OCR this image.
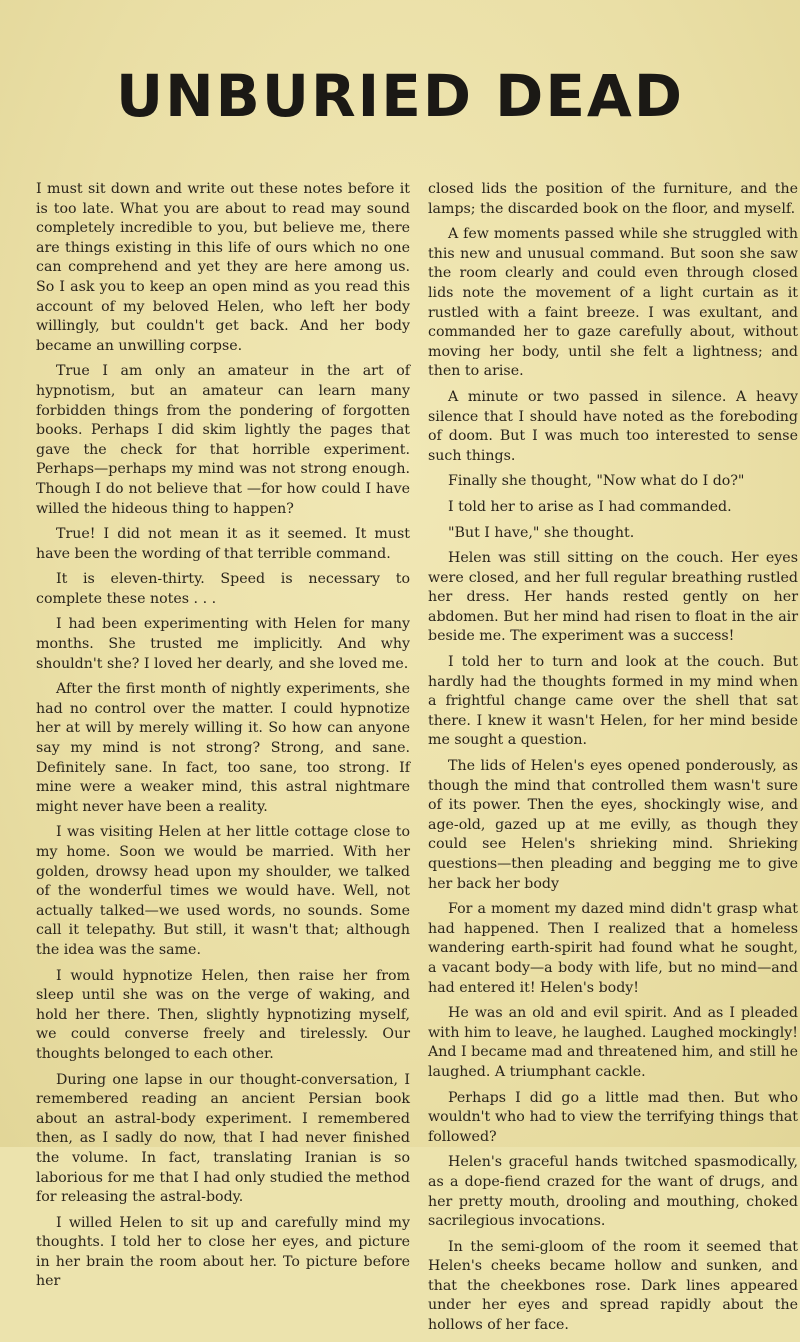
UNBURIED DEAD

I must sit down and write out these notes before it is too late. What you are about to read may sound completely incredible to you, but believe me, there are things existing in this life of ours which no one can comprehend and yet they are here among us. So I ask you to keep an open mind as you read this account of my beloved Helen, who left her body willingly, but couldn't get back. And her body became an unwilling corpse.

True I am only an amateur in the art of hypnotism, but an amateur can learn many forbidden things from the pondering of forgotten books. Perhaps I did skim lightly the pages that gave the check for that horrible experiment. Perhaps—perhaps my mind was not strong enough. Though I do not believe that —for how could I have willed the hideous thing to happen?

True! I did not mean it as it seemed. It must have been the wording of that terrible command.

It is eleven-thirty. Speed is necessary to complete these notes . . .

I had been experimenting with Helen for many months. She trusted me implicitly. And why shouldn't she? I loved her dearly, and she loved me.

After the first month of nightly experiments, she had no control over the matter. I could hypnotize her at will by merely willing it. So how can anyone say my mind is not strong? Strong, and sane. Definitely sane. In fact, too sane, too strong. If mine were a weaker mind, this astral nightmare might never have been a reality.

I was visiting Helen at her little cottage close to my home. Soon we would be married. With her golden, drowsy head upon my shoulder, we talked of the wonderful times we would have. Well, not actually talked—we used words, no sounds. Some call it telepathy. But still, it wasn't that; although the idea was the same.

I would hypnotize Helen, then raise her from sleep until she was on the verge of waking, and hold her there. Then, slightly hypnotizing myself, we could converse freely and tirelessly. Our thoughts belonged to each other.

During one lapse in our thought-conversation, I remembered reading an ancient Persian book about an astral-body experiment. I remembered then, as I sadly do now, that I had never finished the volume. In fact, translating Iranian is so laborious for me that I had only studied the method for releasing the astral-body.

I willed Helen to sit up and carefully mind my thoughts. I told her to close her eyes, and picture in her brain the room about her. To picture before her

closed lids the position of the furniture, and the lamps; the discarded book on the floor, and myself.

A few moments passed while she struggled with this new and unusual command. But soon she saw the room clearly and could even through closed lids note the movement of a light curtain as it rustled with a faint breeze. I was exultant, and commanded her to gaze carefully about, without moving her body, until she felt a lightness; and then to arise.

A minute or two passed in silence. A heavy silence that I should have noted as the foreboding of doom. But I was much too interested to sense such things.

Finally she thought, "Now what do I do?"

I told her to arise as I had commanded.

"But I have," she thought.

Helen was still sitting on the couch. Her eyes were closed, and her full regular breathing rustled her dress. Her hands rested gently on her abdomen. But her mind had risen to float in the air beside me. The experiment was a success!

I told her to turn and look at the couch. But hardly had the thoughts formed in my mind when a frightful change came over the shell that sat there. I knew it wasn't Helen, for her mind beside me sought a question.

The lids of Helen's eyes opened ponderously, as though the mind that controlled them wasn't sure of its power. Then the eyes, shockingly wise, and age-old, gazed up at me evilly, as though they could see Helen's shrieking mind. Shrieking questions—then pleading and begging me to give her back her body

For a moment my dazed mind didn't grasp what had happened. Then I realized that a homeless wandering earth-spirit had found what he sought, a vacant body—a body with life, but no mind—and had entered it! Helen's body!

He was an old and evil spirit. And as I pleaded with him to leave, he laughed. Laughed mockingly! And I became mad and threatened him, and still he laughed. A triumphant cackle.

Perhaps I did go a little mad then. But who wouldn't who had to view the terrifying things that followed?

Helen's graceful hands twitched spasmodically, as a dope-fiend crazed for the want of drugs, and her pretty mouth, drooling and mouthing, choked sacrilegious invocations.

In the semi-gloom of the room it seemed that Helen's cheeks became hollow and sunken, and that the cheekbones rose. Dark lines appeared under her eyes and spread rapidly about the hollows of her face.
